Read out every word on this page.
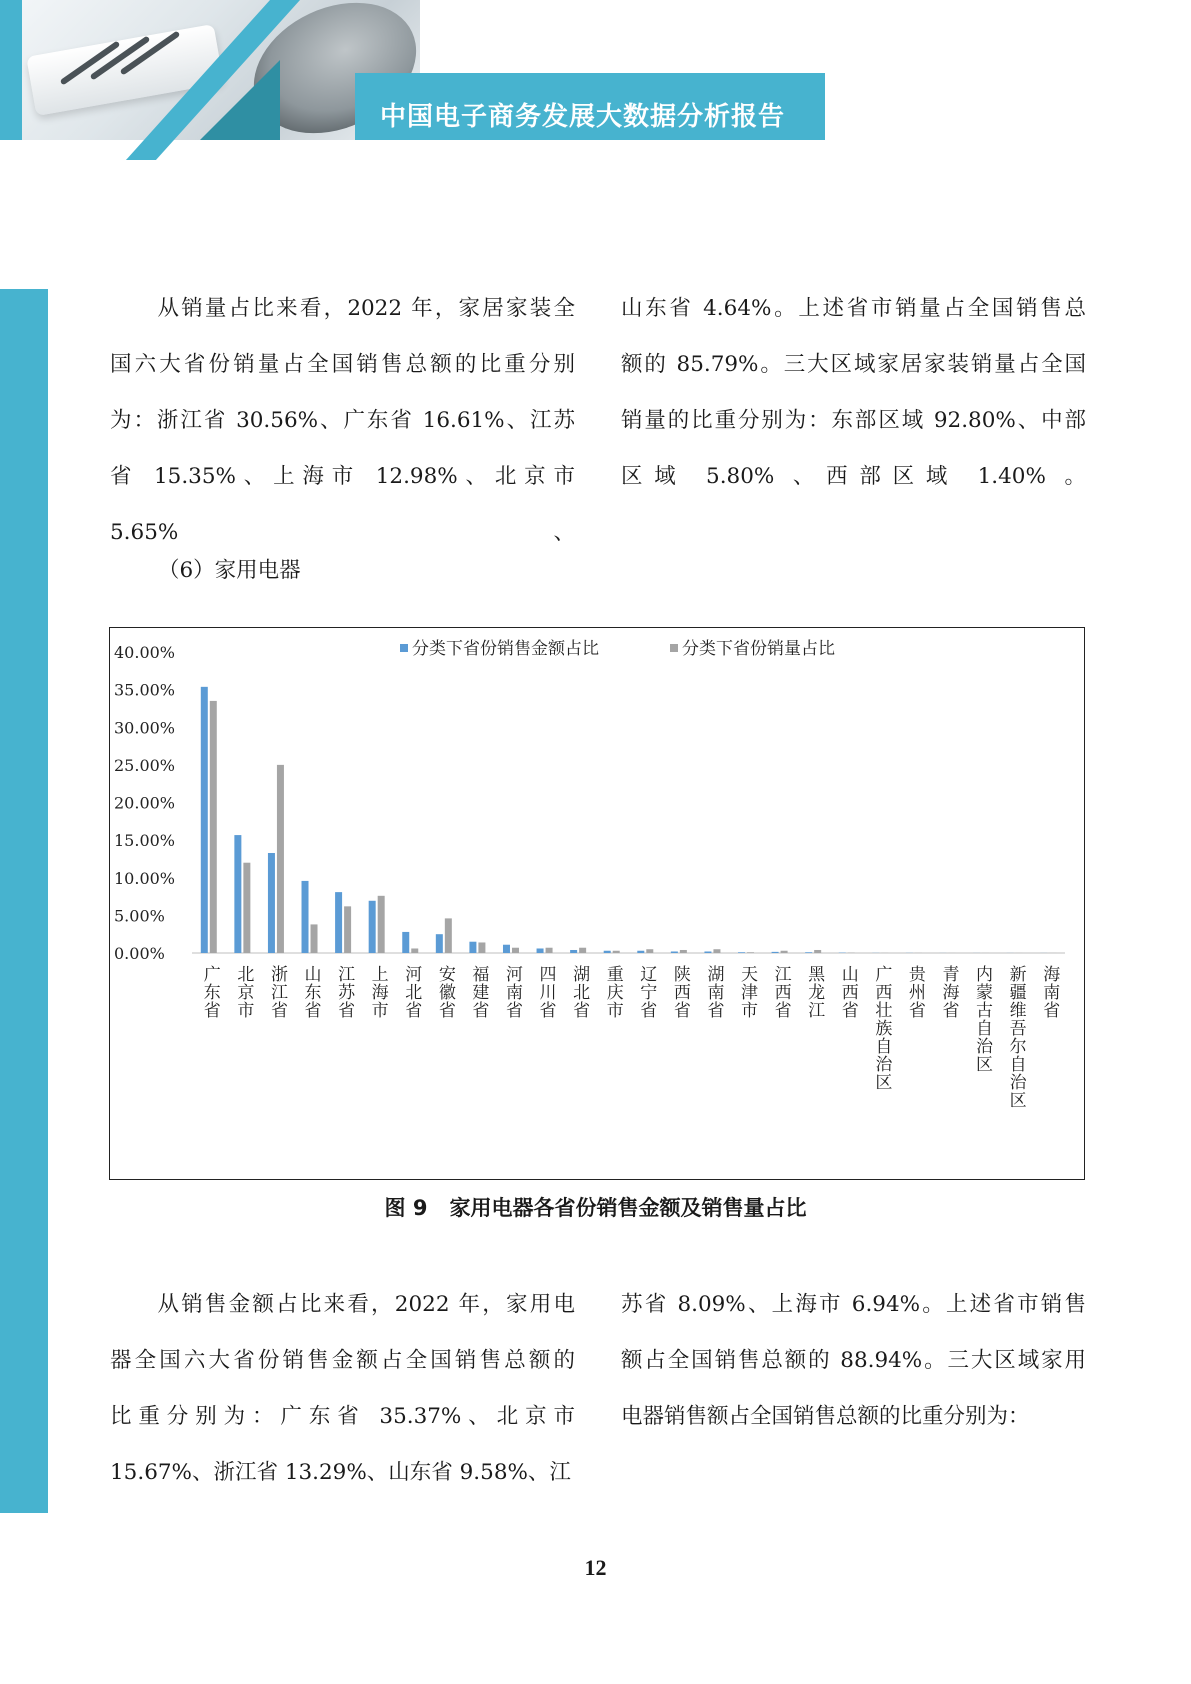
中国电子商务发展大数据分析报告
　　从销量占比来看，2022 年，家居家装全
国六大省份销量占全国销售总额的比重分别
为：浙江省 30.56%、广东省 16.61%、江苏
省 15.35%、上海市 12.98%、北京市 5.65%、
山东省 4.64%。上述省市销量占全国销售总
额的 85.79%。三大区域家居家装销量占全国
销量的比重分别为：东部区域 92.80%、中部
区域 5.80% 、西部区域 1.40% 。
（6）家用电器
0.00%
5.00%
10.00%
15.00%
20.00%
25.00%
30.00%
35.00%
40.00%
广东省 北京市 浙江省 山东省 江苏省 上海市 河北省 安徽省 福建省 河南省 四川省 湖北省 重庆市 辽宁省 陕西省 湖南省 天津市 江西省 黑龙江 山西省 广西壮族自治区 贵州省 青海省 内蒙古自治区 新疆维吾尔自治区 海南省
分类下省份销售金额占比	分类下省份销量占比
图 9 家用电器各省份销售金额及销售量占比
　　从销售金额占比来看，2022 年，家用电
器全国六大省份销售金额占全国销售总额的
比重分别为：广东省 35.37%、北京市
15.67%、浙江省 13.29%、山东省 9.58%、江
苏省 8.09%、上海市 6.94%。上述省市销售
额占全国销售总额的 88.94%。三大区域家用
电器销售额占全国销售总额的比重分别为：
12
